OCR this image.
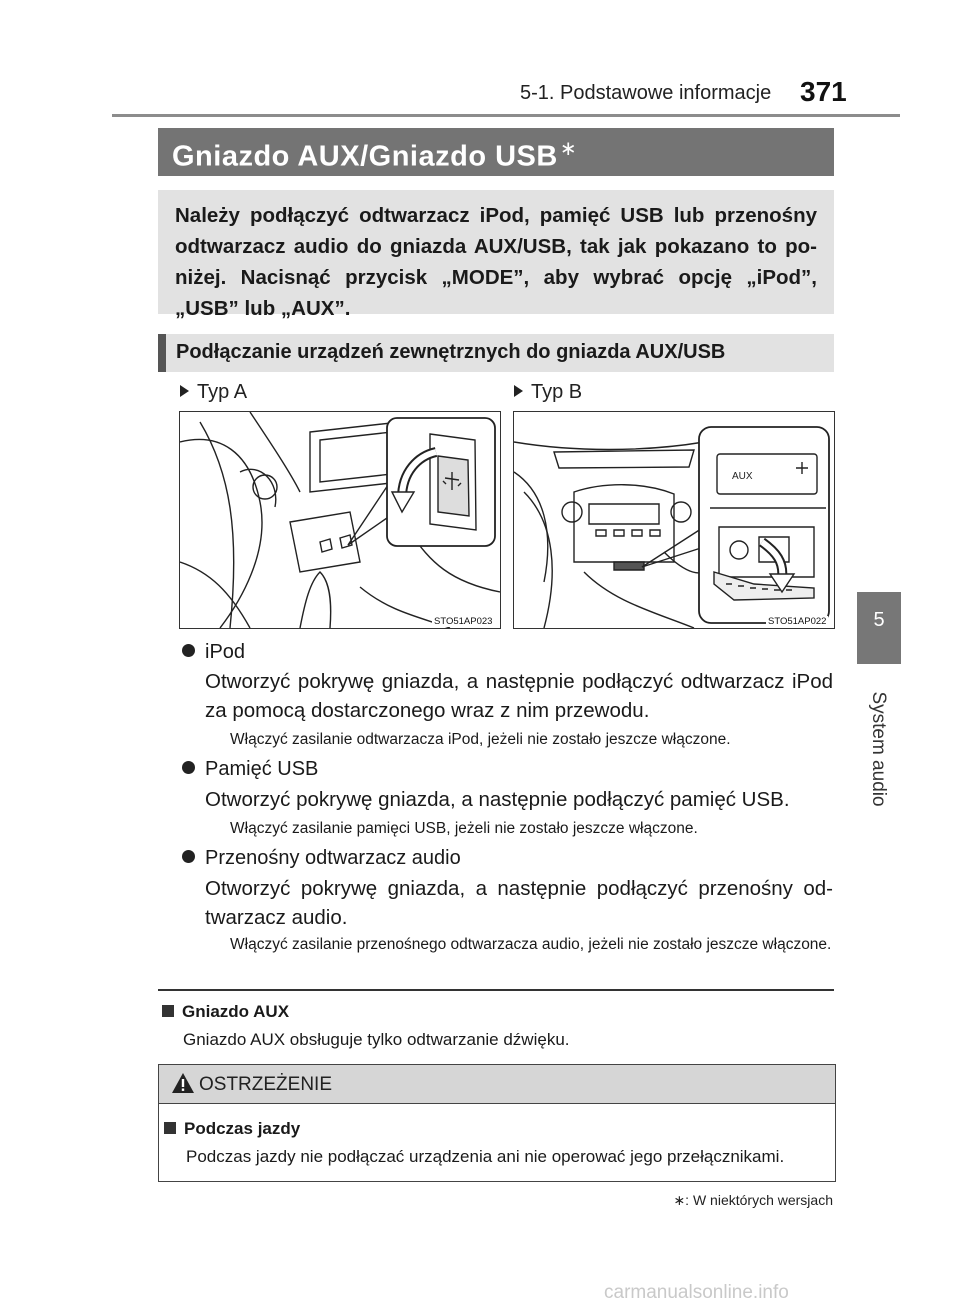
5-1. Podstawowe informacje 371
5
System audio
Gniazdo AUX/Gniazdo USB ∗

Należy podłączyć odtwarzacz iPod, pamięć USB lub przenośny odtwarzacz audio do gniazda AUX/USB, tak jak pokazano to po-niżej. Nacisnąć przycisk „MODE”, aby wybrać opcję „iPod”, „USB” lub „AUX”.

Podłączanie urządzeń zewnętrznych do gniazda AUX/USB
Typ A	Typ B
STO51AP023
AUX
STO51AP022
iPod
Otworzyć pokrywę gniazda, a następnie podłączyć odtwarzacz iPod za pomocą dostarczonego wraz z nim przewodu.
Włączyć zasilanie odtwarzacza iPod, jeżeli nie zostało jeszcze włączone.
Pamięć USB
Otworzyć pokrywę gniazda, a następnie podłączyć pamięć USB.
Włączyć zasilanie pamięci USB, jeżeli nie zostało jeszcze włączone.
Przenośny odtwarzacz audio
Otworzyć pokrywę gniazda, a następnie podłączyć przenośny od-twarzacz audio.
Włączyć zasilanie przenośnego odtwarzacza audio, jeżeli nie zostało jeszcze włączone.
Gniazdo AUX
Gniazdo AUX obsługuje tylko odtwarzanie dźwięku.
OSTRZEŻENIE
Podczas jazdy
Podczas jazdy nie podłączać urządzenia ani nie operować jego przełącznikami.
∗: W niektórych wersjach
carmanualsonline.info
